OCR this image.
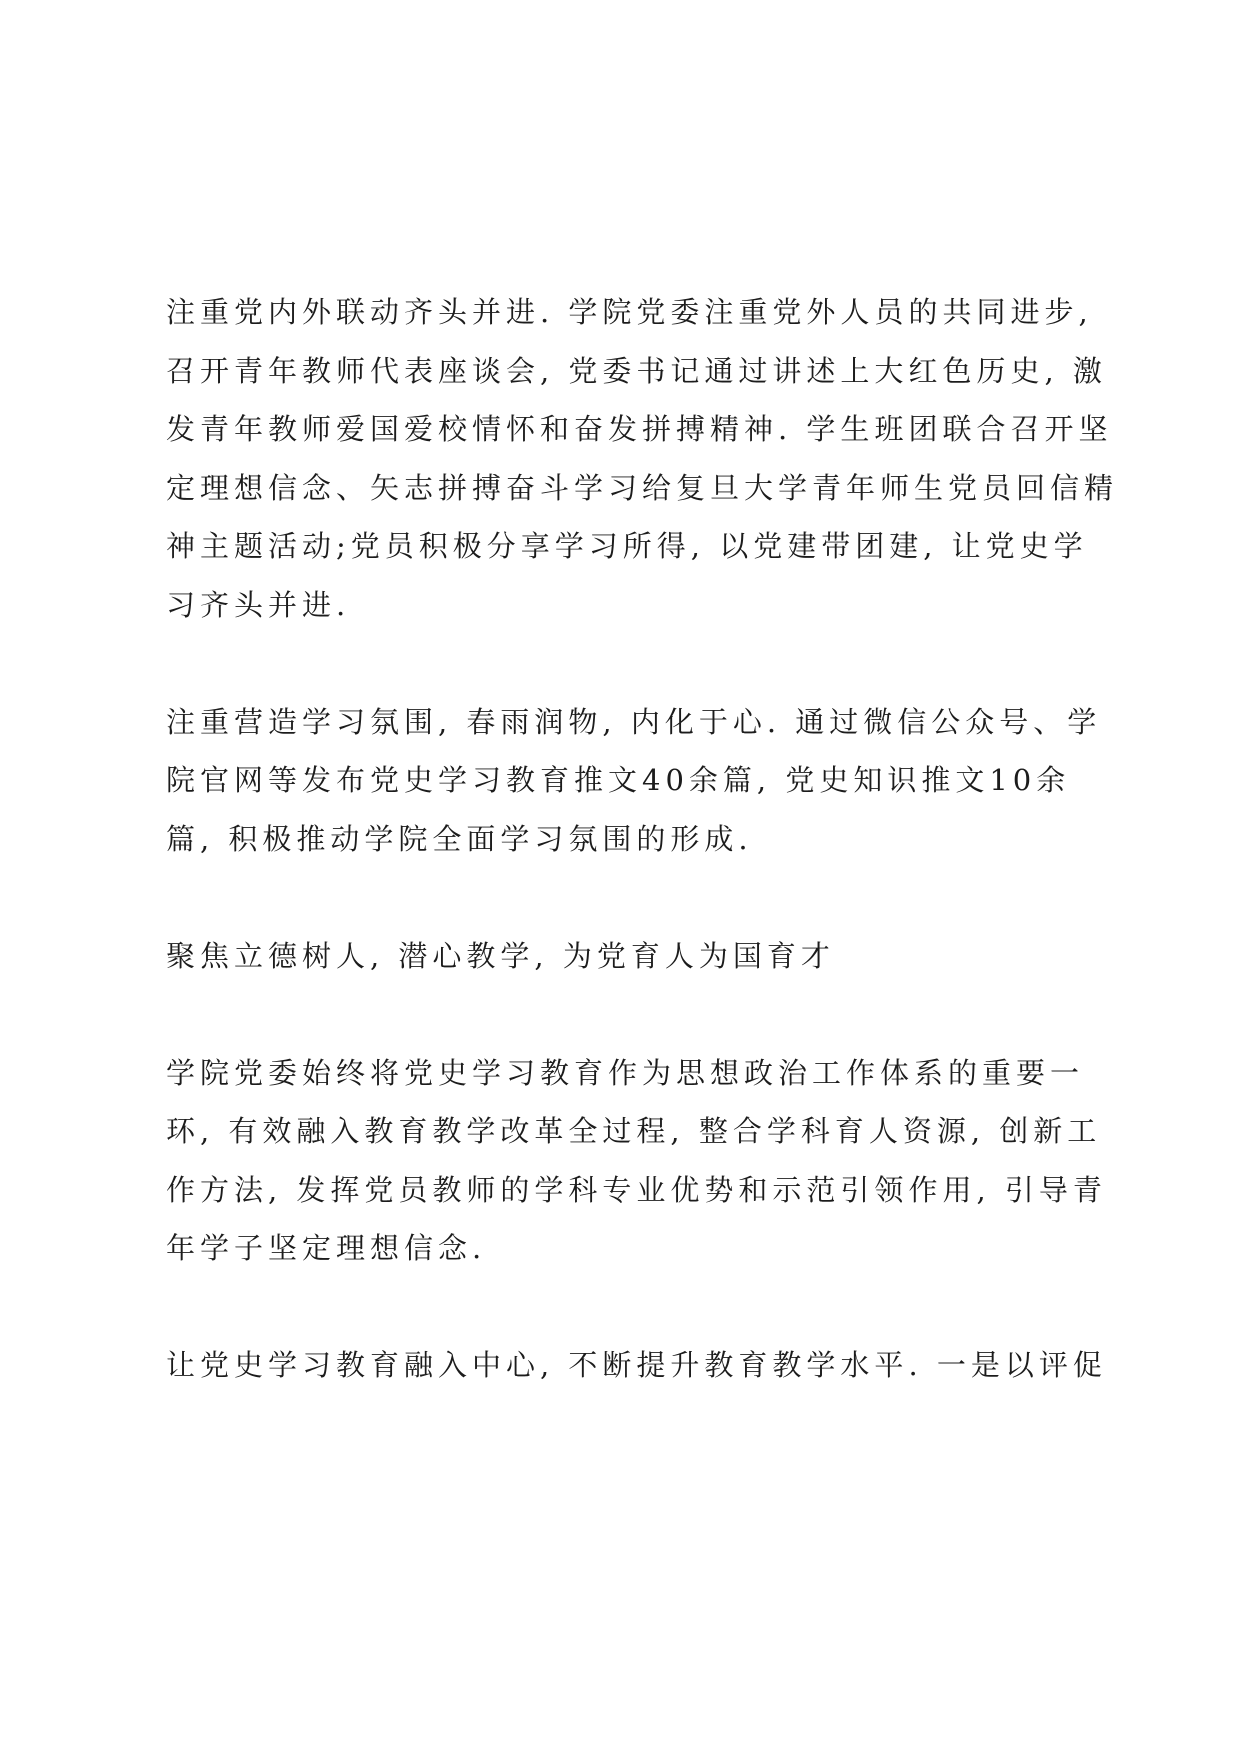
注重党内外联动齐头并进. 学院党委注重党外人员的共同进步,
召开青年教师代表座谈会, 党委书记通过讲述上大红色历史, 激
发青年教师爱国爱校情怀和奋发拼搏精神. 学生班团联合召开坚
定理想信念、矢志拼搏奋斗学习给复旦大学青年师生党员回信精
神主题活动;党员积极分享学习所得, 以党建带团建, 让党史学
习齐头并进.

注重营造学习氛围, 春雨润物, 内化于心. 通过微信公众号、学
院官网等发布党史学习教育推文40余篇, 党史知识推文10余
篇, 积极推动学院全面学习氛围的形成.

聚焦立德树人, 潜心教学, 为党育人为国育才

学院党委始终将党史学习教育作为思想政治工作体系的重要一
环, 有效融入教育教学改革全过程, 整合学科育人资源, 创新工
作方法, 发挥党员教师的学科专业优势和示范引领作用, 引导青
年学子坚定理想信念.

让党史学习教育融入中心, 不断提升教育教学水平. 一是以评促
